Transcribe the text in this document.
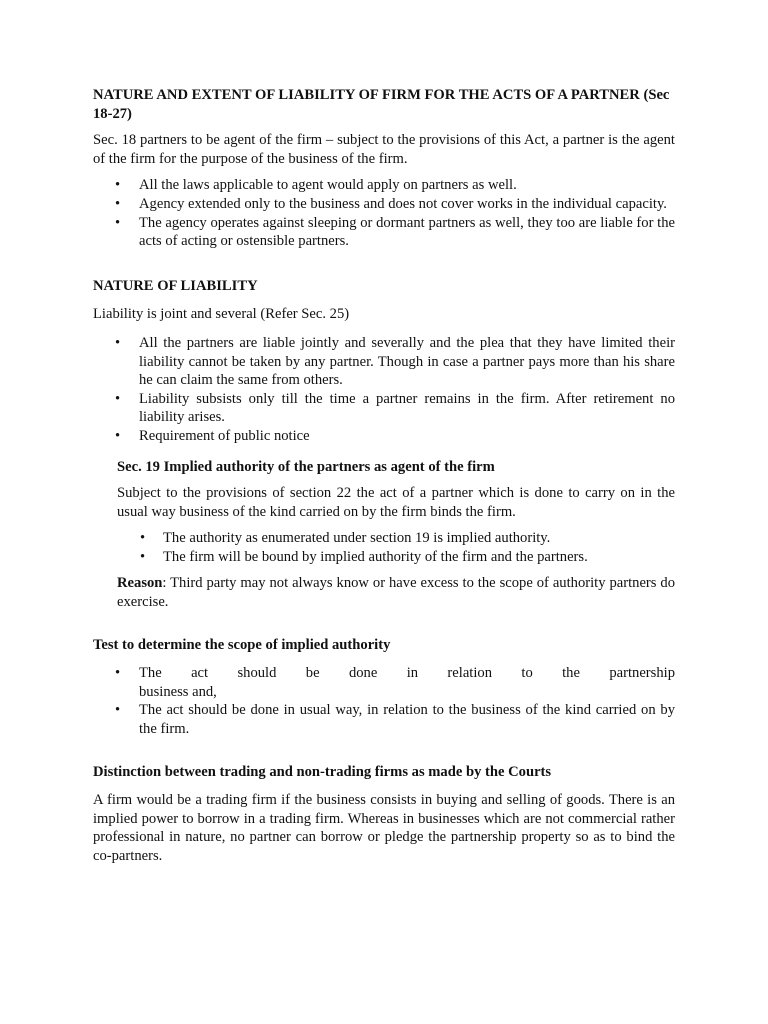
NATURE AND EXTENT OF LIABILITY OF FIRM FOR THE ACTS OF A PARTNER (Sec 18-27)

Sec. 18 partners to be agent of the firm – subject to the provisions of this Act, a partner is the agent of the firm for the purpose of the business of the firm.

• All the laws applicable to agent would apply on partners as well.
• Agency extended only to the business and does not cover works in the individual capacity.
• The agency operates against sleeping or dormant partners as well, they too are liable for the acts of acting or ostensible partners.
NATURE OF LIABILITY

Liability is joint and several (Refer Sec. 25)

• All the partners are liable jointly and severally and the plea that they have limited their liability cannot be taken by any partner. Though in case a partner pays more than his share he can claim the same from others.
• Liability subsists only till the time a partner remains in the firm. After retirement no liability arises.
• Requirement of public notice
Sec. 19 Implied authority of the partners as agent of the firm

Subject to the provisions of section 22 the act of a partner which is done to carry on in the usual way business of the kind carried on by the firm binds the firm.

• The authority as enumerated under section 19 is implied authority.
• The firm will be bound by implied authority of the firm and the partners.

Reason: Third party may not always know or have excess to the scope of authority partners do exercise.

Test to determine the scope of implied authority
• The act should be done in relation to the partnership
business and,
• The act should be done in usual way, in relation to the business of the kind carried on by the firm.
Distinction between trading and non-trading firms as made by the Courts

A firm would be a trading firm if the business consists in buying and selling of goods. There is an implied power to borrow in a trading firm. Whereas in businesses which are not commercial rather professional in nature, no partner can borrow or pledge the partnership property so as to bind the co-partners.
